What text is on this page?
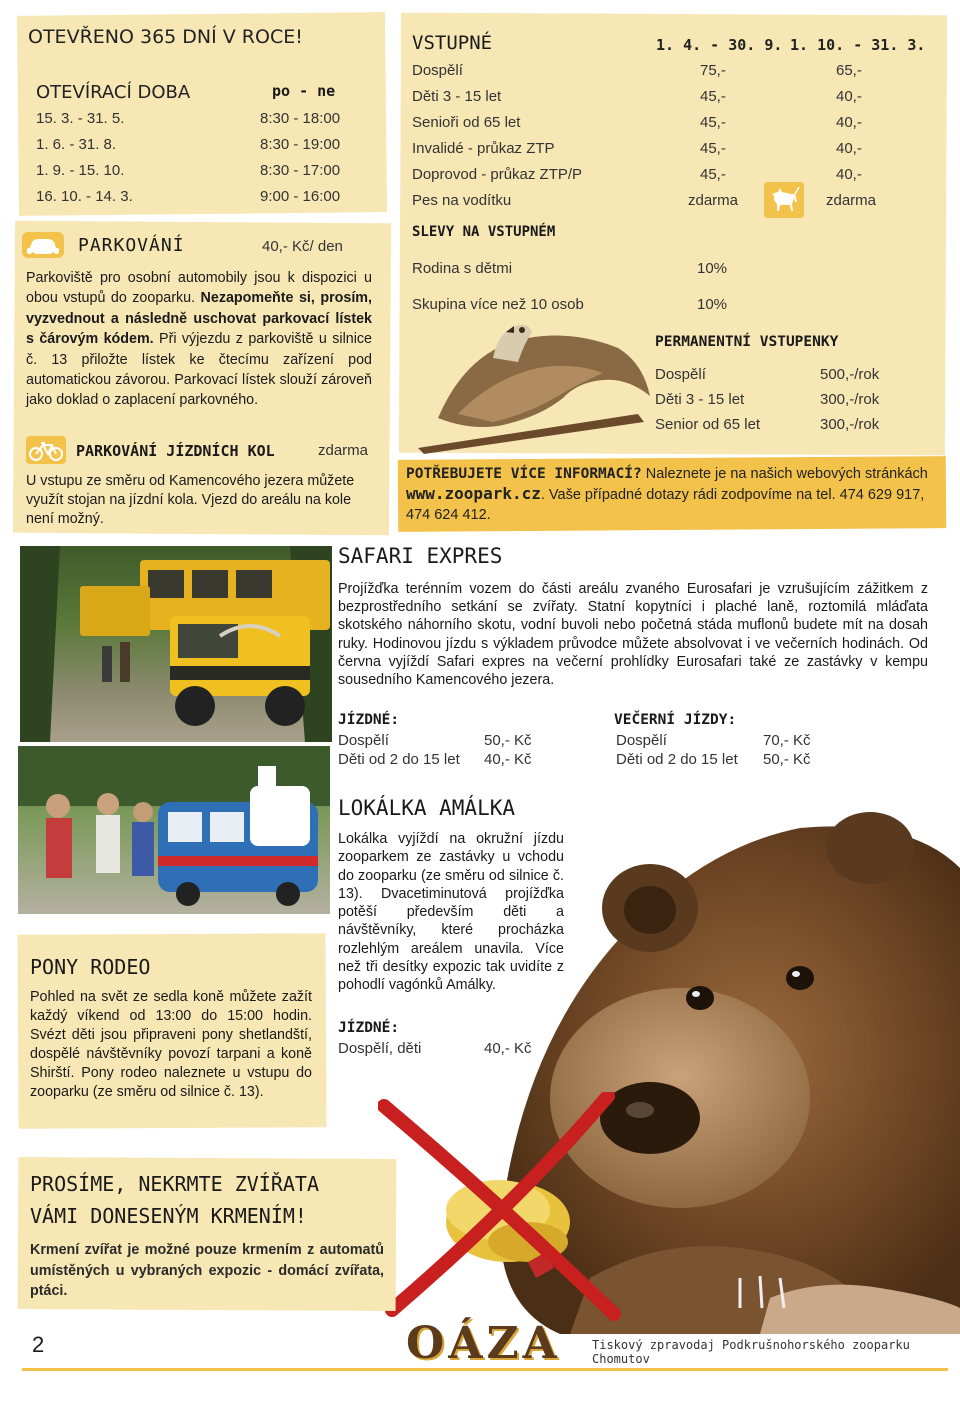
OTEVŘENO 365 DNÍ V ROCE!
OTEVÍRACÍ DOBA	po - ne
15. 3. - 31. 5.	8:30 - 18:00
1. 6. - 31. 8.	8:30 - 19:00
1. 9. - 15. 10.	8:30 - 17:00
16. 10. - 14. 3.	9:00 - 16:00
PARKOVÁNÍ	40,- Kč/ den
Parkoviště pro osobní automobily jsou k dispozici u obou vstupů do zooparku. Nezapomeňte si, prosím, vyzvednout a následně uschovat parkovací lístek s čárovým kódem. Při výjezdu z parkoviště u silnice č. 13 přiložte lístek ke čtecímu zařízení pod automatickou závorou. Parkovací lístek slouží zároveň jako doklad o zaplacení parkovného.
PARKOVÁNÍ JÍZDNÍCH KOL	zdarma
U vstupu ze směru od Kamencového jezera můžete využít stojan na jízdní kola. Vjezd do areálu na kole není možný.
VSTUPNÉ	1. 4. - 30. 9. 1. 10. - 31. 3.
Dospělí	75,-	65,-
Děti 3 - 15 let	45,-	40,-
Senioři od 65 let	45,-	40,-
Invalidé - průkaz ZTP	45,-	40,-
Doprovod - průkaz ZTP/P	45,-	40,-
Pes na vodítku	zdarma	zdarma
SLEVY NA VSTUPNÉM
Rodina s dětmi	10%
Skupina více než 10 osob	10%
PERMANENTNÍ VSTUPENKY
Dospělí	500,-/rok
Děti 3 - 15 let	300,-/rok
Senior od 65 let	300,-/rok
POTŘEBUJETE VÍCE INFORMACÍ? Naleznete je na našich webových stránkách www.zoopark.cz. Vaše případné dotazy rádi zodpovíme na tel. 474 629 917, 474 624 412.
SAFARI EXPRES
Projížďka terénním vozem do části areálu zvaného Eurosafari je vzrušujícím zážitkem z bezprostředního setkání se zvířaty. Statní kopytníci i plaché laně, roztomilá mláďata skotského náhorního skotu, vodní buvoli nebo početná stáda muflonů budete mít na dosah ruky. Hodinovou jízdu s výkladem průvodce můžete absolvovat i ve večerních hodinách. Od června vyjíždí Safari expres na večerní prohlídky Eurosafari také ze zastávky v kempu sousedního Kamencového jezera.
JÍZDNÉ:
Dospělí	50,- Kč
Děti od 2 do 15 let 40,- Kč
VEČERNÍ JÍZDY:
Dospělí	70,- Kč
Děti od 2 do 15 let 50,- Kč
LOKÁLKA AMÁLKA
Lokálka vyjíždí na okružní jízdu zooparkem ze zastávky u vchodu do zooparku (ze směru od silnice č. 13). Dvacetiminutová projížďka potěší především děti a návštěvníky, které procházka rozlehlým areálem unavila. Více než tři desítky expozic tak uvidíte z pohodlí vagónků Amálky.
JÍZDNÉ:
Dospělí, děti	40,- Kč
PONY RODEO
Pohled na svět ze sedla koně můžete zažít každý víkend od 13:00 do 15:00 hodin. Svézt děti jsou připraveni pony shetlandští, dospělé návštěvníky povozí tarpani a koně Shirští. Pony rodeo naleznete u vstupu do zooparku (ze směru od silnice č. 13).
PROSÍME, NEKRMTE ZVÍŘATA
VÁMI DONESENÝM KRMENÍM!
Krmení zvířat je možné pouze krmením z automatů umístěných u vybraných expozic - domácí zvířata, ptáci.
2	OÁZA	Tiskový zpravodaj Podkrušnohorského zooparku Chomutov
